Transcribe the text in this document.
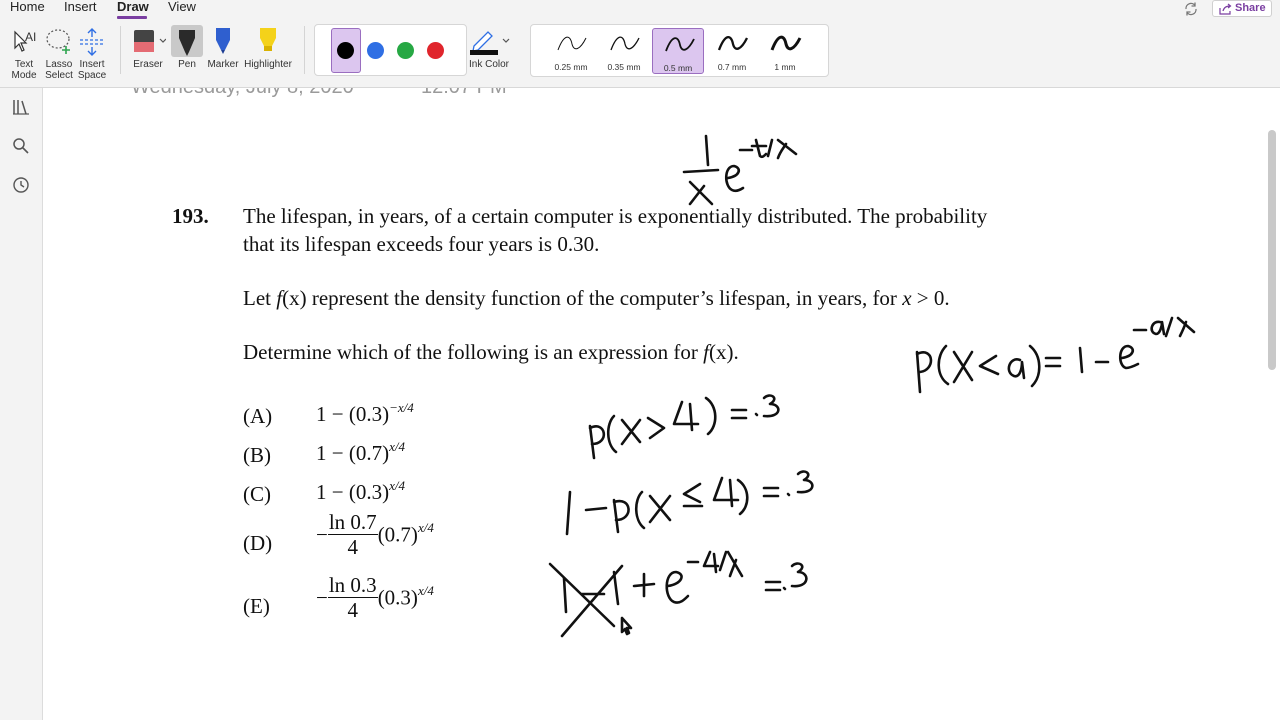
Home Insert Draw View
AI
Text Mode
Lasso Select
Insert Space
Eraser	Pen	Marker Highlighter	Ink Color	0.25 mm	0.35 mm	0.5 mm	0.7 mm	1 mm
Share
193. The lifespan, in years, of a certain computer is exponentially distributed. The probability
that its lifespan exceeds four years is 0.30.
Let f(x) represent the density function of the computer’s lifespan, in years, for x > 0.
Determine which of the following is an expression for f(x).
(A) $1 - (0.3)^{-x/4}$
(B) $1 - (0.7)^{x/4}$
(C) $1 - (0.3)^{x/4}$
$(D) - \frac{\ln 0.7}{4} (0.7)^{x/4}$
$(E) - \frac{\ln 0.3}{4} (0.3)^{x/4}$
